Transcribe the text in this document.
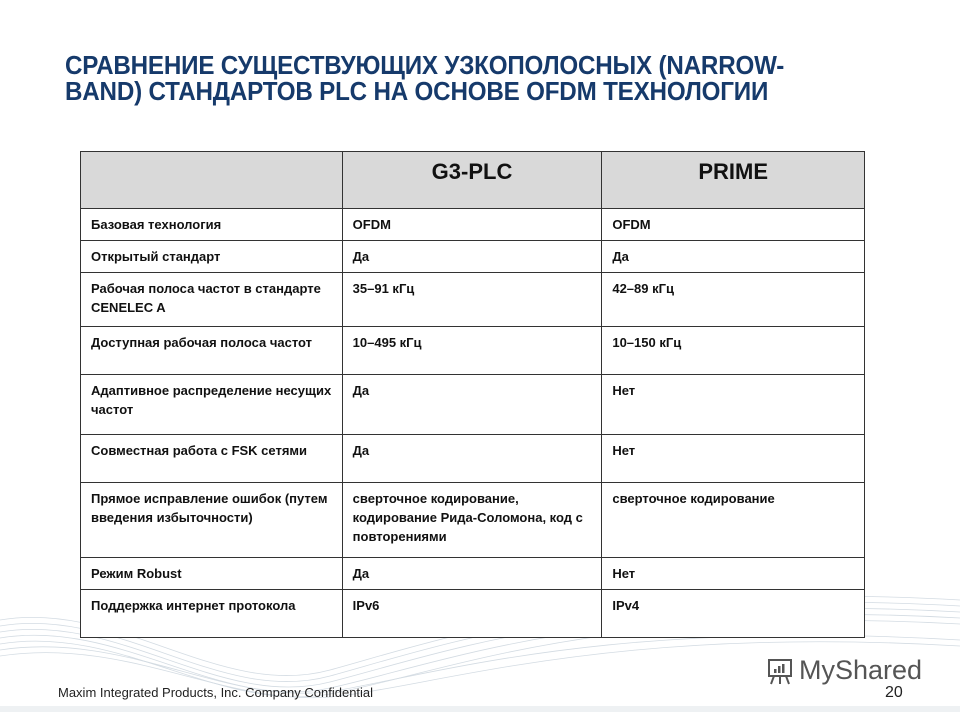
СРАВНЕНИЕ СУЩЕСТВУЮЩИХ УЗКОПОЛОСНЫХ (NARROW-
BAND) СТАНДАРТОВ PLC НА ОСНОВЕ OFDM ТЕХНОЛОГИИ
	G3-PLC	PRIME
Базовая технология	OFDM	OFDM
Открытый стандарт	Да	Да
Рабочая полоса частот в стандарте CENELEC A	35–91 кГц	42–89 кГц
Доступная рабочая полоса частот	10–495 кГц	10–150 кГц
Адаптивное распределение несущих частот	Да	Нет
Совместная работа с FSK сетями	Да	Нет
Прямое исправление ошибок (путем введения избыточности)	сверточное кодирование, кодирование Рида-Соломона, код с повторениями	сверточное кодирование
Режим Robust	Да	Нет
Поддержка интернет протокола	IPv6	IPv4
MyShared
Maxim Integrated Products, Inc. Company Confidential	20
